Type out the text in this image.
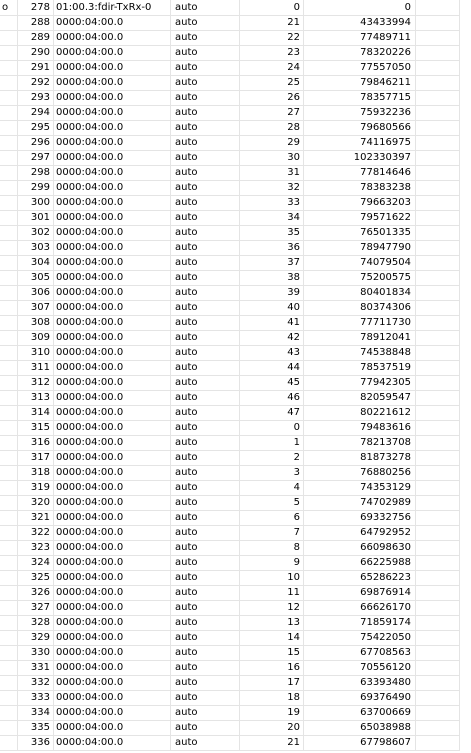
o	278 01:00.3:fdir-TxRx-0	auto	0	0
288 0000:04:00.0	auto	21	43433994
289 0000:04:00.0	auto	22	77489711
290 0000:04:00.0	auto	23	78320226
291 0000:04:00.0	auto	24	77557050
292 0000:04:00.0	auto	25	79846211
293 0000:04:00.0	auto	26	78357715
294 0000:04:00.0	auto	27	75932236
295 0000:04:00.0	auto	28	79680566
296 0000:04:00.0	auto	29	74116975
297 0000:04:00.0	auto	30	102330397
298 0000:04:00.0	auto	31	77814646
299 0000:04:00.0	auto	32	78383238
300 0000:04:00.0	auto	33	79663203
301 0000:04:00.0	auto	34	79571622
302 0000:04:00.0	auto	35	76501335
303 0000:04:00.0	auto	36	78947790
304 0000:04:00.0	auto	37	74079504
305 0000:04:00.0	auto	38	75200575
306 0000:04:00.0	auto	39	80401834
307 0000:04:00.0	auto	40	80374306
308 0000:04:00.0	auto	41	77711730
309 0000:04:00.0	auto	42	78912041
310 0000:04:00.0	auto	43	74538848
311 0000:04:00.0	auto	44	78537519
312 0000:04:00.0	auto	45	77942305
313 0000:04:00.0	auto	46	82059547
314 0000:04:00.0	auto	47	80221612
315 0000:04:00.0	auto	0	79483616
316 0000:04:00.0	auto	1	78213708
317 0000:04:00.0	auto	2	81873278
318 0000:04:00.0	auto	3	76880256
319 0000:04:00.0	auto	4	74353129
320 0000:04:00.0	auto	5	74702989
321 0000:04:00.0	auto	6	69332756
322 0000:04:00.0	auto	7	64792952
323 0000:04:00.0	auto	8	66098630
324 0000:04:00.0	auto	9	66225988
325 0000:04:00.0	auto	10	65286223
326 0000:04:00.0	auto	11	69876914
327 0000:04:00.0	auto	12	66626170
328 0000:04:00.0	auto	13	71859174
329 0000:04:00.0	auto	14	75422050
330 0000:04:00.0	auto	15	67708563
331 0000:04:00.0	auto	16	70556120
332 0000:04:00.0	auto	17	63393480
333 0000:04:00.0	auto	18	69376490
334 0000:04:00.0	auto	19	63700669
335 0000:04:00.0	auto	20	65038988
336 0000:04:00.0	auto	21	67798607
